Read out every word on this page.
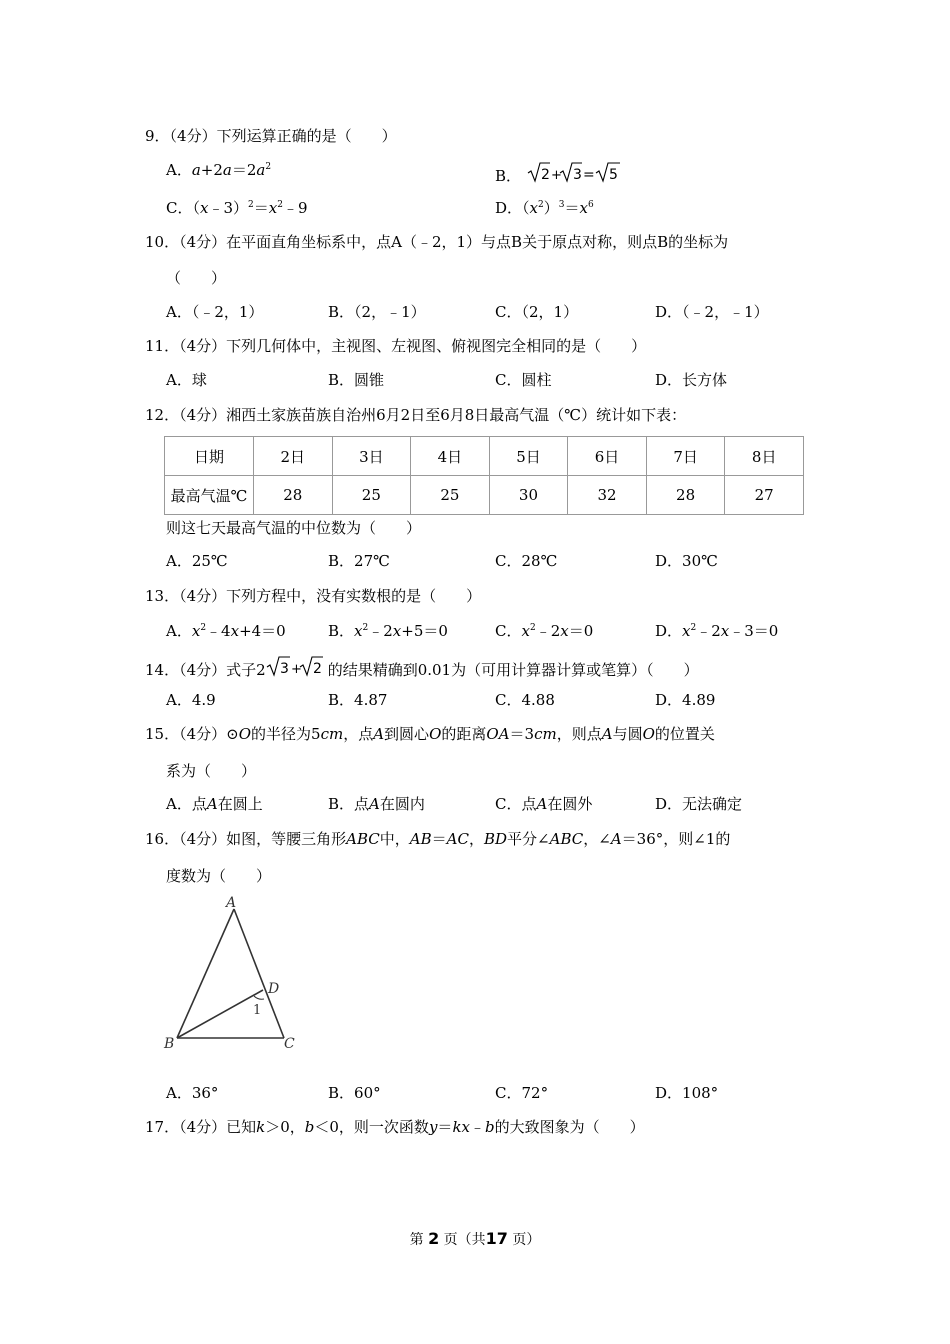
9．（4分）下列运算正确的是（　　）
A．$a+2a=2a^2$	B． 2 + 3 = 5
C．$(x﹣3)^2=x^2﹣9$	D．$(x^2)^3=x^6$
10．（4分）在平面直角坐标系中，点A（﹣2，1）与点B关于原点对称，则点B的坐标为
（　　）
A．（﹣2，1）	B．（2，﹣1）	C．（2，1）	D．（﹣2，﹣1）
11．（4分）下列几何体中，主视图、左视图、俯视图完全相同的是（　　）
A．球	B．圆锥	C．圆柱	D．长方体
12．（4分）湘西土家族苗族自治州6月2日至6月8日最高气温（℃）统计如下表：
日期	2日	3日	4日	5日	6日	7日	8日
最高气温℃	28	25	25	30	32	28	27
则这七天最高气温的中位数为（　　）
A．25℃	B．27℃	C．28℃	D．30℃
13．（4分）下列方程中，没有实数根的是（　　）
A．$x^2﹣4x+4=0$	B．$x^2﹣2x+5=0$	C．$x^2﹣2x=0$	D．$x^2﹣2x﹣3=0$
14．（4分）式子2 3 + 2 的结果精确到0.01为（可用计算器计算或笔算）（　　）
A．4.9	B．4.87	C．4.88	D．4.89
15．（4分）⊙O的半径为5cm，点A到圆心O的距离OA＝3cm，则点A与圆O的位置关
系为（　　）
A．点A在圆上	B．点A在圆内	C．点A在圆外	D．无法确定
16．（4分）如图，等腰三角形ABC中，AB＝AC，BD平分∠ABC，∠A＝36°，则∠1的
度数为（　　）
A
B	C
D
1
A．36°	B．60°	C．72°	D．108°
17．（4分）已知k＞0，b＜0，则一次函数y＝kx﹣b的大致图象为（　　）
第 2 页（共17 页）
